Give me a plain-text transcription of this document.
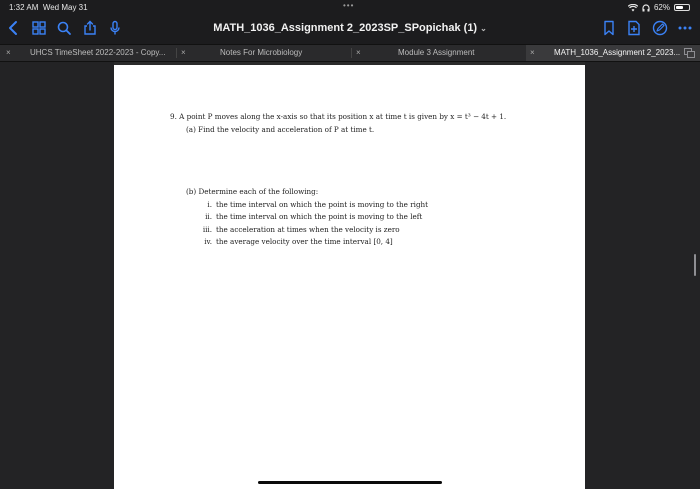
1:32 AM Wed May 31	•••	62%
MATH_1036_Assignment 2_2023SP_SPopichak (1) ⌄
× UHCS TimeSheet 2022-2023 - Copy... ×	Notes For Microbiology	×	Module 3 Assignment	× MATH_1036_Assignment 2_2023...
9. A point P moves along the x-axis so that its position x at time t is given by x = t³ − 4t + 1.
(a) Find the velocity and acceleration of P at time t.
(b) Determine each of the following:
i. the time interval on which the point is moving to the right
ii. the time interval on which the point is moving to the left
iii. the acceleration at times when the velocity is zero
iv. the average velocity over the time interval [0, 4]
